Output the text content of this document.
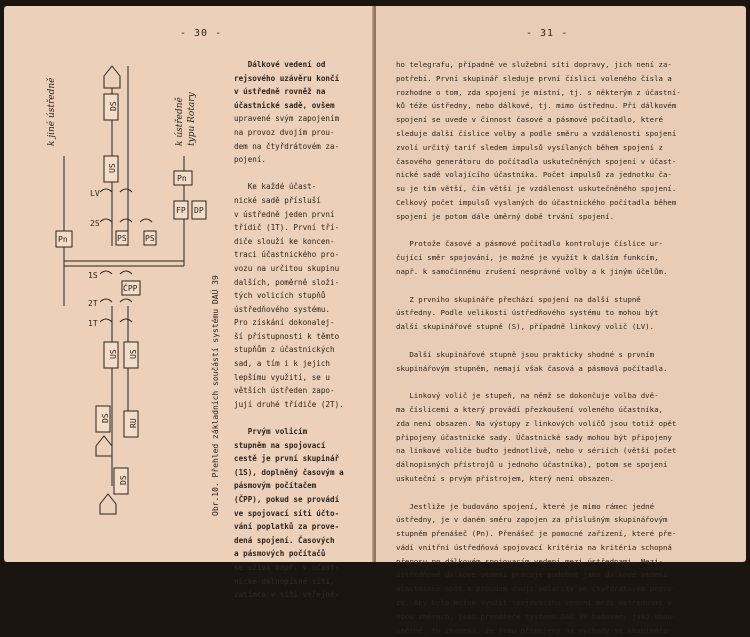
- 30 -
DS
US
k jiné ústředně	k ústředně typu Rotary
Pn
FP DP
Pn
LV
2S
PS PS
1S
ČPP
2T
1T
US US
DS
RU
DS	Obr.10. Přehled základních součástí systému DAÚ 39
Dálkové vedení od
rejsového uzávěru končí
v ústředně rovněž na
účastnické sadě, ovšem
upravené svým zapojením
na provoz dvojím prou-
dem na čtyřdrátovém za-
pojení.
Ke každé účast-
nické sadě přísluší
v ústředně jeden první
třídič (1T). První tří-
diče slouží ke koncen-
traci účastnického pro-
vozu na určitou skupinu
dalších, poměrně složi-
tých volicích stupňů
ústředňového systému.
Pro získání dokonalej-
ší přístupnosti k těmto
stupňům z účastnických
sad, a tím i k jejich
lepšímu využití, se u
větších ústředen zapo-
jují druhé třídiče (2T).
Prvým volicím
stupněm na spojovací
cestě je první skupinář
(1S), doplněný časovým a
pásmovým počítačem
(ČPP), pokud se provádí
ve spojovací síti účto-
vání poplatků za prove-
dená spojení. Časových
a pásmových počítačů
se užívá např. v účast-
nické dálnopisné síti,
zatímco v síti veřejné-
- 31 -
ho telegrafu, případně ve služební síti dopravy, jich není za-
potřebí. První skupinář sleduje první číslici voleného čísla a
rozhodne o tom, zda spojení je místní, tj. s některým z účastní-
ků téže ústředny, nebo dálkové, tj. mimo ústřednu. Při dálkovém
spojení se uvede v činnost časové a pásmové počítadlo, které
sleduje další číslice volby a podle směru a vzdálenosti spojení
zvolí určitý tarif sledem impulsů vysílaných během spojení z
časového generátoru do počítadla uskutečněných spojení v účast-
nické sadě volajícího účastníka. Počet impulsů za jednotku ča-
su je tím větší, čím větší je vzdálenost uskutečněného spojení.
Celkový počet impulsů vyslaných do účastnického počítadla během
spojení je potom dále úměrný době trvání spojení.
Protože časové a pásmové počítadlo kontroluje číslice ur-
čující směr spojování, je možné je využít k dalším funkcím,
např. k samočinnému zrušení nesprávné volby a k jiným účelům.
Z prvního skupináře přechází spojení na další stupně
ústředny. Podle velikosti ústředňového systému to mohou být
další skupinářové stupně (S), případně linkový volič (LV).
Další skupinářové stupně jsou prakticky shodné s prvním
skupinářovým stupněm, nemají však časová a pásmová počítadla.
Linkový volič je stupeň, na němž se dokončuje volba dvě-
ma číslicemi a který provádí přezkoušení voleného účastníka,
zda není obsazen. Na výstupy z linkových voličů jsou totiž opět
připojeny účastnické sady. Účastnické sady mohou být připojeny
na linkové voliče buďto jednotlivě, nebo v sériích (větší počet
dálnopisných přístrojů u jednoho účastníka), potom se spojení
uskuteční s prvým přístrojem, který není obsazen.
Jestliže je budováno spojení, které je mimo rámec jedné
ústředny, je v daném směru zapojen za příslušným skupinářovým
stupněm přenášeč (Pn). Přenášeč je pomocné zařízení, které pře-
vádí vnitřní ústředňová spojovací kritéria na kritéria schopná
přenosu po dálkovém spojovacím vedení mezi ústřednami. Mezi-
ústředňové dálkové vedení pracuje podobně jako dálkové vedení
účastnické opět s proudem dvojí polarity ve čtyřdrátovém provo-
zu. Aby bylo možno využít spojovacího vedení mezi ústřednami v
obou směrech, jsou přenášeče systému DAÚ 39 budovány jako obou-
směrné, to znamená, že jsou připojeny na východy se skupinářo-
